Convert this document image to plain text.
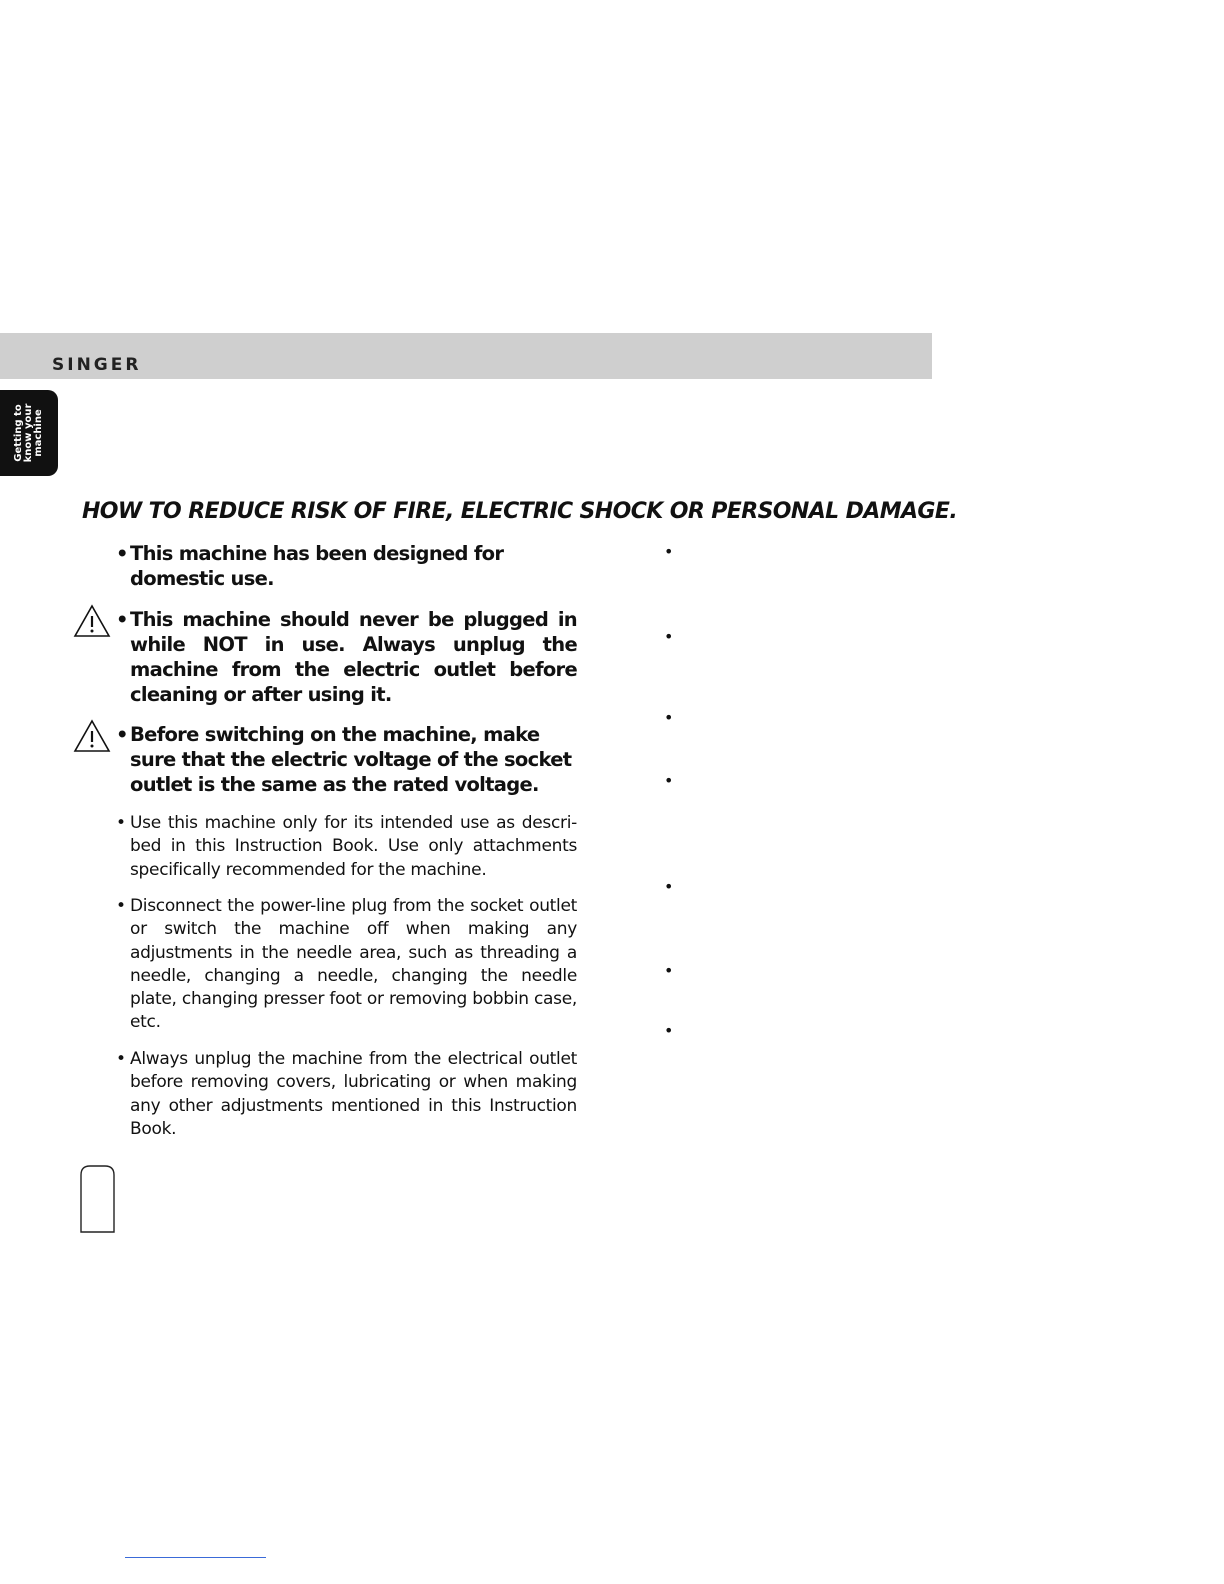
SINGER
Getting to
know your
machine
HOW TO REDUCE RISK OF FIRE, ELECTRIC SHOCK OR PERSONAL DAMAGE.
• This machine has been designed for domestic use.
• This machine should never be plugged in while NOT in use. Always unplug the machine from the electric outlet before cleaning or after using it.
• Before switching on the machine, make sure that the electric voltage of the socket outlet is the same as the rated voltage.
• Use this machine only for its intended use as descri-bed in this Instruction Book. Use only attachments specifically recommended for the machine.
• Disconnect the power-line plug from the socket outlet or switch the machine off when making any adjustments in the needle area, such as threading a needle, changing a needle, changing the needle plate, changing presser foot or removing bobbin case, etc.
• Always unplug the machine from the electrical outlet before removing covers, lubricating or when making any other adjustments mentioned in this Instruction Book.
•
•
•
•
•
•
•
